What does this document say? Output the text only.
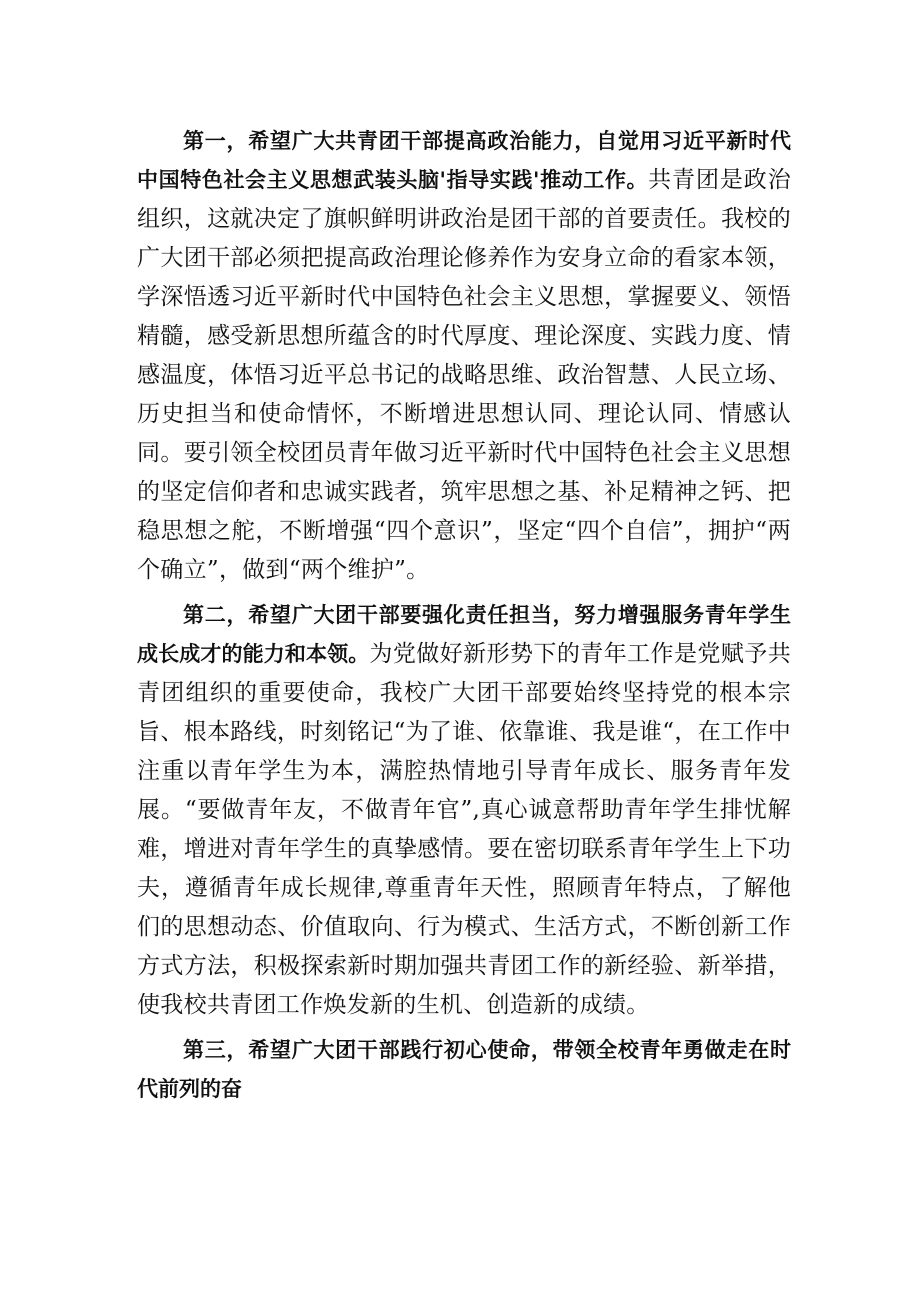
第一，希望广大共青团干部提高政治能力，自觉用习近平新时代中国特色社会主义思想武装头脑'指导实践'推动工作。共青团是政治组织，这就决定了旗帜鲜明讲政治是团干部的首要责任。我校的广大团干部必须把提高政治理论修养作为安身立命的看家本领，学深悟透习近平新时代中国特色社会主义思想，掌握要义、领悟精髓，感受新思想所蕴含的时代厚度、理论深度、实践力度、情感温度，体悟习近平总书记的战略思维、政治智慧、人民立场、历史担当和使命情怀，不断增进思想认同、理论认同、情感认同。要引领全校团员青年做习近平新时代中国特色社会主义思想的坚定信仰者和忠诚实践者，筑牢思想之基、补足精神之钙、把稳思想之舵，不断增强“四个意识”，坚定“四个自信”，拥护“两个确立”，做到“两个维护”。

第二，希望广大团干部要强化责任担当，努力增强服务青年学生成长成才的能力和本领。为党做好新形势下的青年工作是党赋予共青团组织的重要使命，我校广大团干部要始终坚持党的根本宗旨、根本路线，时刻铭记“为了谁、依靠谁、我是谁“，在工作中注重以青年学生为本，满腔热情地引导青年成长、服务青年发展。“要做青年友，不做青年官”,真心诚意帮助青年学生排忧解难，增进对青年学生的真挚感情。要在密切联系青年学生上下功夫，遵循青年成长规律,尊重青年天性，照顾青年特点，了解他们的思想动态、价值取向、行为模式、生活方式，不断创新工作方式方法，积极探索新时期加强共青团工作的新经验、新举措，使我校共青团工作焕发新的生机、创造新的成绩。

第三，希望广大团干部践行初心使命，带领全校青年勇做走在时代前列的奋
